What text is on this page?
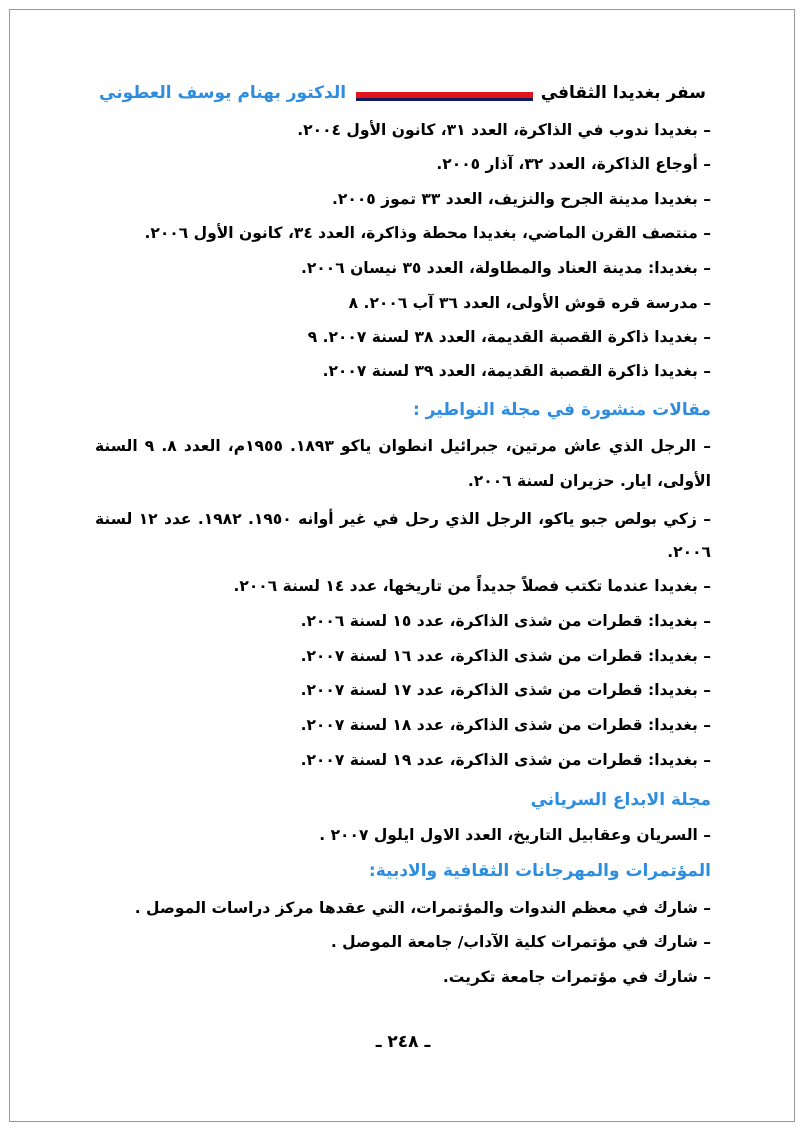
سفر بغديدا الثقافي
الدكتور بهنام يوسف العطوني
– بغديدا ندوب في الذاكرة، العدد ٣١، كانون الأول ٢٠٠٤.
– أوجاع الذاكرة، العدد ٣٢، آذار ٢٠٠٥.
– بغديدا مدينة الجرح والنزيف، العدد ٣٣ تموز ٢٠٠٥.
– منتصف القرن الماضي، بغديدا محطة وذاكرة، العدد ٣٤، كانون الأول ٢٠٠٦.
– بغديدا: مدينة العناد والمطاولة، العدد ٣٥ نيسان ٢٠٠٦.
– مدرسة قره قوش الأولى، العدد ٣٦ آب ٢٠٠٦. ٨
– بغديدا ذاكرة القصبة القديمة، العدد ٣٨ لسنة ٢٠٠٧. ٩
– بغديدا ذاكرة القصبة القديمة، العدد ٣٩ لسنة ٢٠٠٧.
مقالات منشورة في مجلة النواطير :
– الرجل الذي عاش مرتين، جبرائيل انطوان ياكو ١٨٩٣. ١٩٥٥م، العدد ٨. ٩ السنة
الأولى، ايار. حزيران لسنة ٢٠٠٦.
– زكي بولص جبو ياكو، الرجل الذي رحل في غير أوانه ١٩٥٠. ١٩٨٢. عدد ١٢ لسنة
٢٠٠٦.
– بغديدا عندما تكتب فصلاً جديداً من تاريخها، عدد ١٤ لسنة ٢٠٠٦.
– بغديدا: قطرات من شذى الذاكرة، عدد ١٥ لسنة ٢٠٠٦.
– بغديدا: قطرات من شذى الذاكرة، عدد ١٦ لسنة ٢٠٠٧.
– بغديدا: قطرات من شذى الذاكرة، عدد ١٧ لسنة ٢٠٠٧.
– بغديدا: قطرات من شذى الذاكرة، عدد ١٨ لسنة ٢٠٠٧.
– بغديدا: قطرات من شذى الذاكرة، عدد ١٩ لسنة ٢٠٠٧.
مجلة الابداع السرياني
– السريان وعقابيل التاريخ، العدد الاول ايلول ٢٠٠٧ .
المؤتمرات والمهرجانات الثقافية والادبية:
– شارك في معظم الندوات والمؤتمرات، التي عقدها مركز دراسات الموصل .
– شارك في مؤتمرات كلية الآداب/ جامعة الموصل .
– شارك في مؤتمرات جامعة تكريت.
ـ ٢٤٨ ـ
